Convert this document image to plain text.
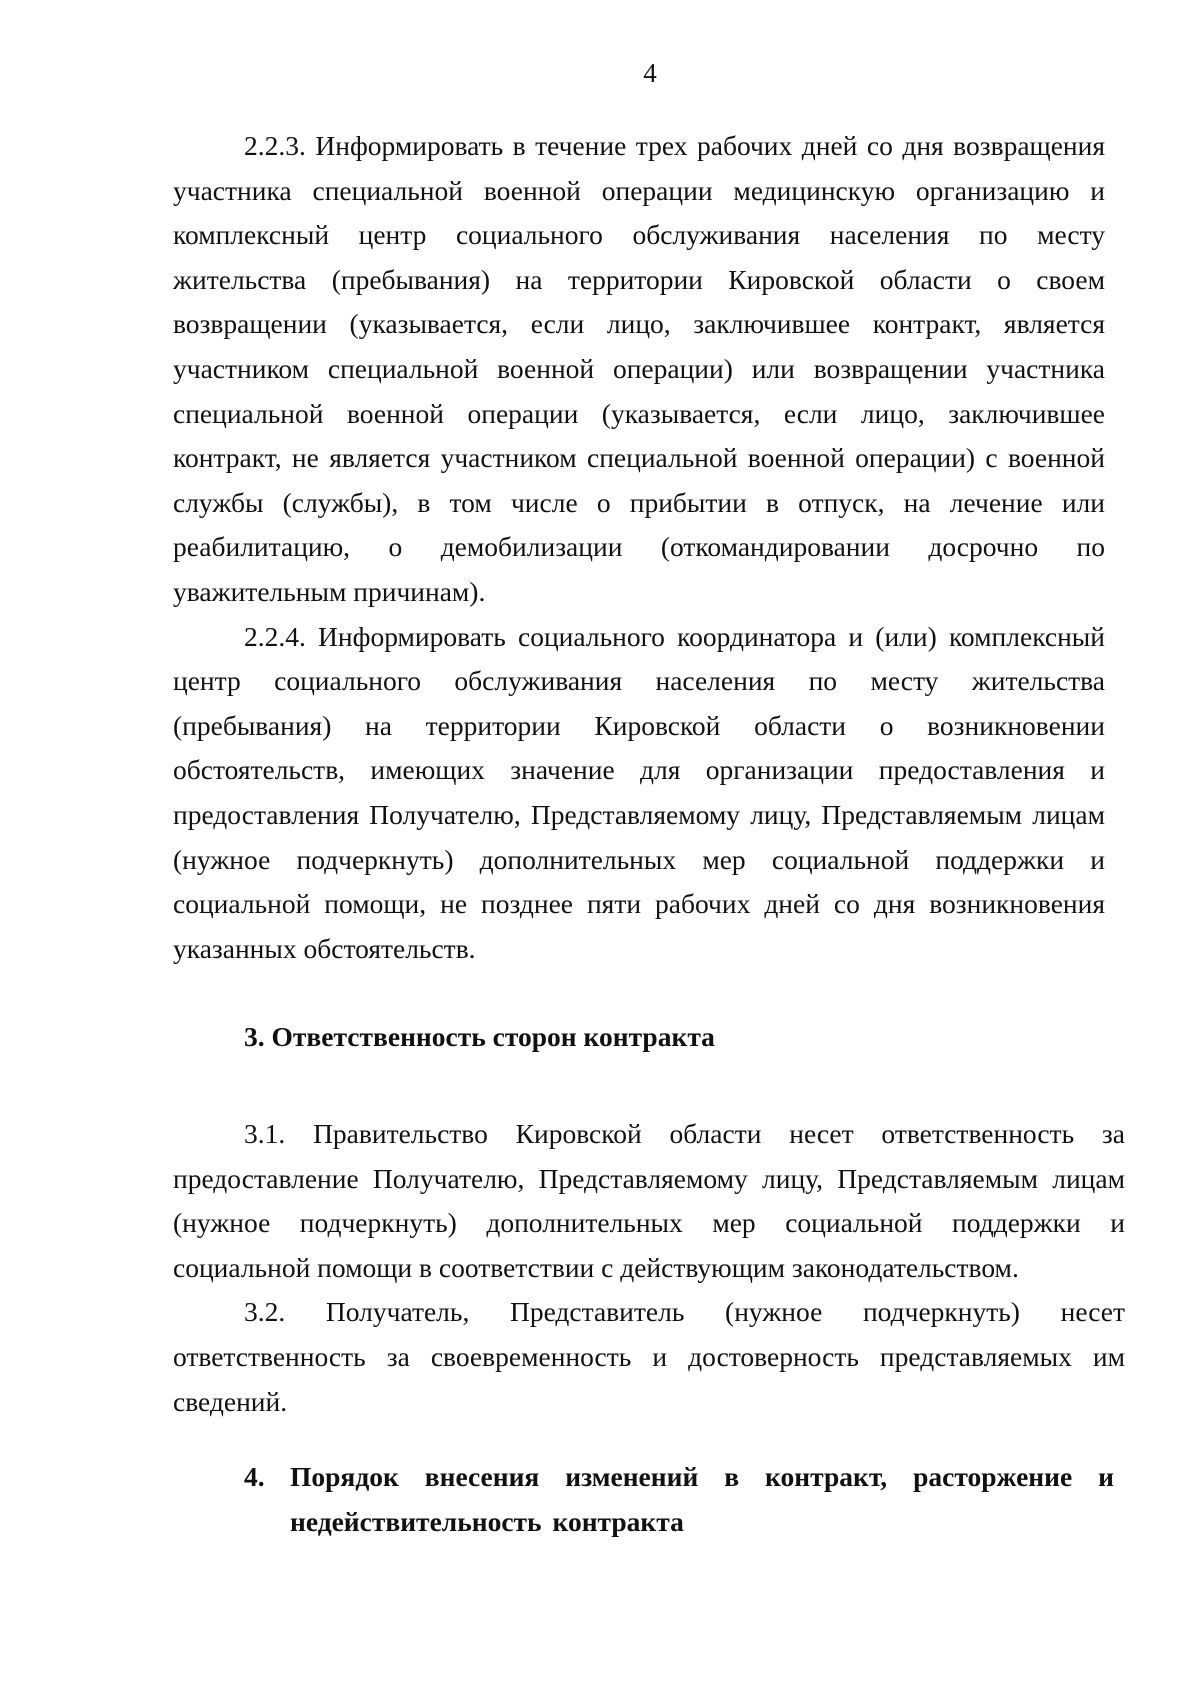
4

2.2.3. Информировать в течение трех рабочих дней со дня возвращения участника специальной военной операции медицинскую организацию и комплексный центр социального обслуживания населения по месту жительства (пребывания) на территории Кировской области о своем возвращении (указывается, если лицо, заключившее контракт, является участником специальной военной операции) или возвращении участника специальной военной операции (указывается, если лицо, заключившее контракт, не является участником специальной военной операции) с военной службы (службы), в том числе о прибытии в отпуск, на лечение или реабилитацию, о демобилизации (откомандировании досрочно по уважительным причинам).

2.2.4. Информировать социального координатора и (или) комплексный центр социального обслуживания населения по месту жительства (пребывания) на территории Кировской области о возникновении обстоятельств, имеющих значение для организации предоставления и предоставления Получателю, Представляемому лицу, Представляемым лицам (нужное подчеркнуть) дополнительных мер социальной поддержки и социальной помощи, не позднее пяти рабочих дней со дня возникновения указанных обстоятельств.

3. Ответственность сторон контракта

3.1. Правительство Кировской области несет ответственность за предоставление Получателю, Представляемому лицу, Представляемым лицам (нужное подчеркнуть) дополнительных мер социальной поддержки и социальной помощи в соответствии с действующим законодательством.

3.2. Получатель, Представитель (нужное подчеркнуть) несет ответственность за своевременность и достоверность представляемых им сведений.

4. Порядок внесения изменений в контракт, расторжение и недействительность контракта
